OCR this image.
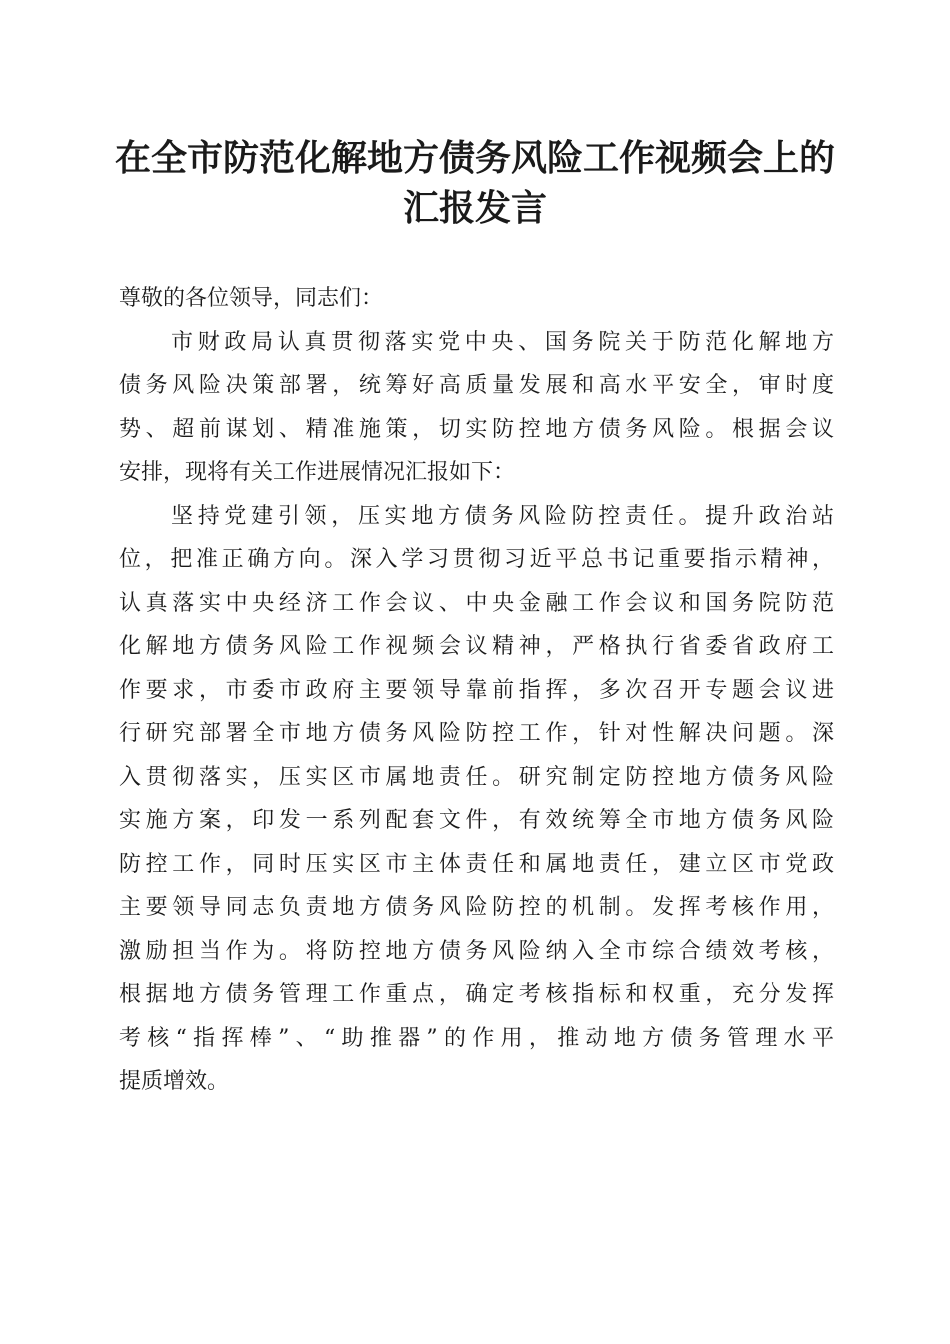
在全市防范化解地方债务风险工作视频会上的
汇报发言
尊敬的各位领导，同志们：
市财政局认真贯彻落实党中央、国务院关于防范化解地方
债务风险决策部署，统筹好高质量发展和高水平安全，审时度
势、超前谋划、精准施策，切实防控地方债务风险。根据会议
安排，现将有关工作进展情况汇报如下：
坚持党建引领，压实地方债务风险防控责任。提升政治站
位，把准正确方向。深入学习贯彻习近平总书记重要指示精神，
认真落实中央经济工作会议、中央金融工作会议和国务院防范
化解地方债务风险工作视频会议精神，严格执行省委省政府工
作要求，市委市政府主要领导靠前指挥，多次召开专题会议进
行研究部署全市地方债务风险防控工作，针对性解决问题。深
入贯彻落实，压实区市属地责任。研究制定防控地方债务风险
实施方案，印发一系列配套文件，有效统筹全市地方债务风险
防控工作，同时压实区市主体责任和属地责任，建立区市党政
主要领导同志负责地方债务风险防控的机制。发挥考核作用，
激励担当作为。将防控地方债务风险纳入全市综合绩效考核，
根据地方债务管理工作重点，确定考核指标和权重，充分发挥
考核“指挥棒”、“助推器”的作用，推动地方债务管理水平
提质增效。
